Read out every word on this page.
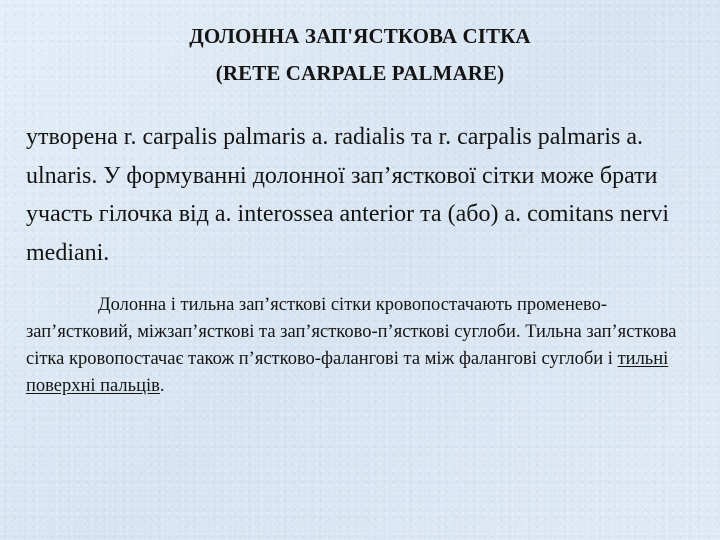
ДОЛОННА ЗАП'ЯСТКОВА СІТКА
(RETE CARPALE PALMARE)

утворена r. carpalis palmaris a. radialis та r. carpalis palmaris a. ulnaris. У формуванні долонної зап’ясткової сітки може брати участь гілочка від a. interossea anterior та (або) a. comitans nervi mediani.

Долонна і тильна зап’ясткові сітки кровопостачають променево-зап’ястковий, міжзап’ясткові та зап’ястково-п’ясткові суглоби. Тильна зап’ясткова сітка кровопостачає також п’ястково-фалангові та між фалангові суглоби і тильні поверхні пальців.
